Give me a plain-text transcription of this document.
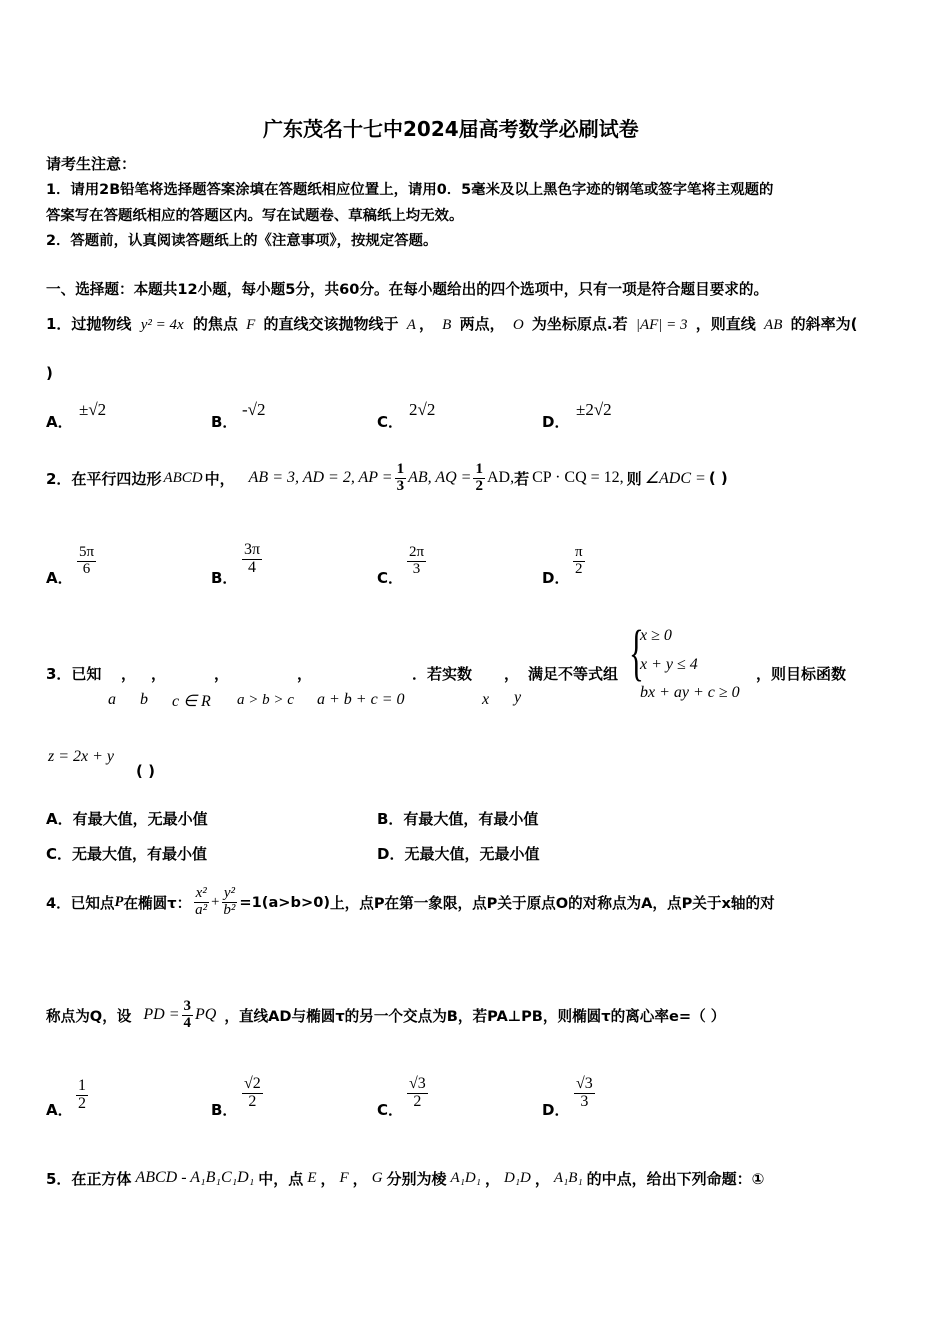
广东茂名十七中2024届高考数学必刷试卷
请考生注意：
1．请用2B铅笔将选择题答案涂填在答题纸相应位置上，请用0．5毫米及以上黑色字迹的钢笔或签字笔将主观题的
答案写在答题纸相应的答题区内。写在试题卷、草稿纸上均无效。
2．答题前，认真阅读答题纸上的《注意事项》，按规定答题。
一、选择题：本题共12小题，每小题5分，共60分。在每小题给出的四个选项中，只有一项是符合题目要求的。
1．过抛物线 y² = 4x 的焦点 F 的直线交该抛物线于 A ， B 两点， O 为坐标原点.若 |AF| = 3 ，则直线 AB 的斜率为(
)
A．
±√2
B．
-√2
C．
2√2
D．
±2√2
2．在平行四边形 ABCD 中， AB = 3, AD = 2, AP = $\frac{1}{3}$ AB, AQ = $\frac{1}{2}$ AD, 若 CP · CQ = 12, 则 ∠ADC = ( )
A．
$\frac{5\pi}{6}$
B．
$\frac{3\pi}{4}$
C．
$\frac{2\pi}{3}$
D．
$\frac{\pi}{2}$
3．已知 ， ，	，	，	．若实数 ， 满足不等式组
a b c ∈ R a > b > c a + b + c = 0	x y
{
x ≥ 0
x + y ≤ 4
bx + ay + c ≥ 0
，则目标函数
z = 2x + y
( )
A．有最大值，无最小值	B．有最大值，有最小值
C．无最大值，有最小值	D．无最大值，无最小值
4．已知点 P 在椭圆 τ： $\frac{\text{x²}}{\text{a²}} + \frac{\text{y²}}{\text{b²}} =1(a>b>0)$ 上，点P在第一象限，点P关于原点O的对称点为A，点P关于x轴的对
称点为Q，设 PD = $\frac{3}{4}$ PQ ，直线AD与椭圆τ的另一个交点为B，若PA⊥PB，则椭圆τ的离心率e=（ ）
A． $\frac{1}{2}$	B． $\frac{√2}{2}$	C． $\frac{√3}{2}$	D． $\frac{√3}{3}$
5．在正方体 ABCD - A₁B₁C₁D₁ 中，点 E ， F ， G 分别为棱 A₁D₁ ， D₁D ， A₁B₁ 的中点，给出下列命题：①
